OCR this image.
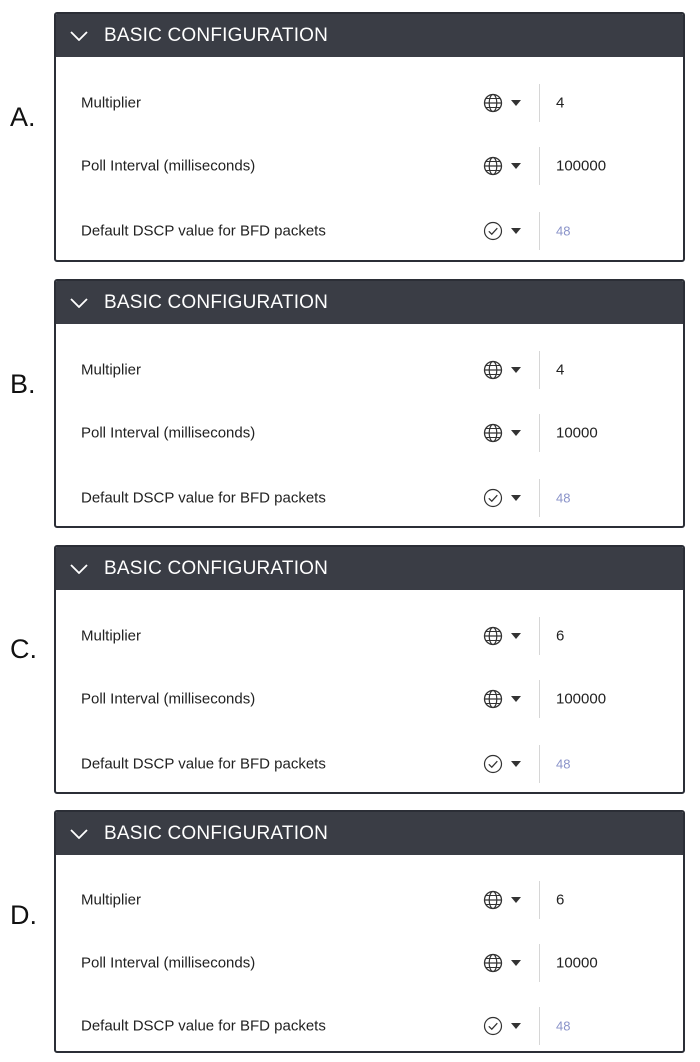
A.
BASIC CONFIGURATION
Multiplier	4
Poll Interval (milliseconds)	100000
Default DSCP value for BFD packets	48
B.
BASIC CONFIGURATION
Multiplier	4
Poll Interval (milliseconds)	10000
Default DSCP value for BFD packets	48
C.
BASIC CONFIGURATION
Multiplier	6
Poll Interval (milliseconds)	100000
Default DSCP value for BFD packets	48
D.
BASIC CONFIGURATION
Multiplier	6
Poll Interval (milliseconds)	10000
Default DSCP value for BFD packets	48
